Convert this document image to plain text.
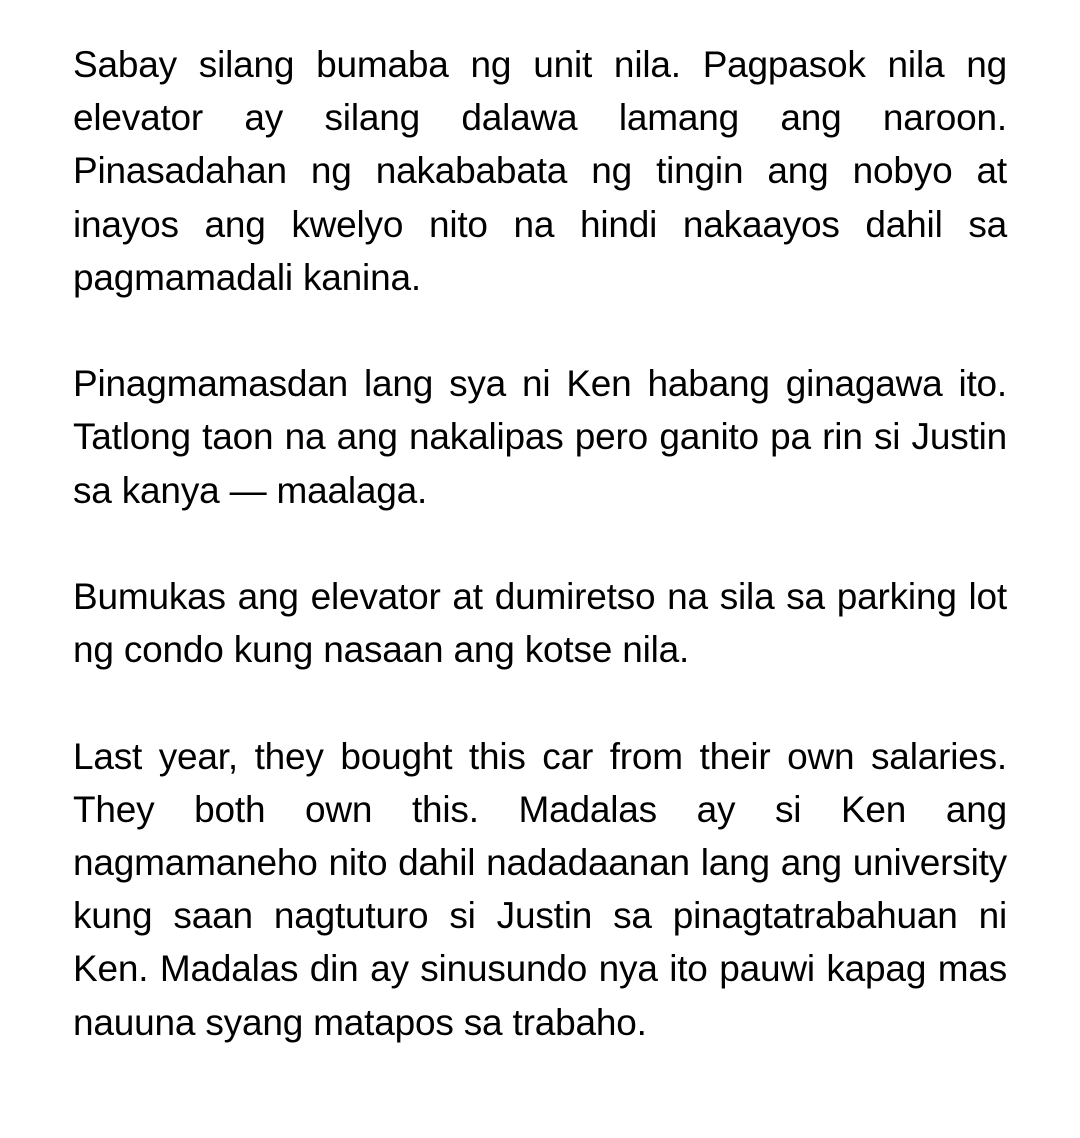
Sabay silang bumaba ng unit nila. Pagpasok nila ng elevator ay silang dalawa lamang ang naroon. Pinasadahan ng nakababata ng tingin ang nobyo at inayos ang kwelyo nito na hindi nakaayos dahil sa pagmamadali kanina.

Pinagmamasdan lang sya ni Ken habang ginagawa ito. Tatlong taon na ang nakalipas pero ganito pa rin si Justin sa kanya — maalaga.

Bumukas ang elevator at dumiretso na sila sa parking lot ng condo kung nasaan ang kotse nila.

Last year, they bought this car from their own salaries. They both own this. Madalas ay si Ken ang nagmamaneho nito dahil nadadaanan lang ang university kung saan nagtuturo si Justin sa pinagtatrabahuan ni Ken. Madalas din ay sinusundo nya ito pauwi kapag mas nauuna syang matapos sa trabaho.
